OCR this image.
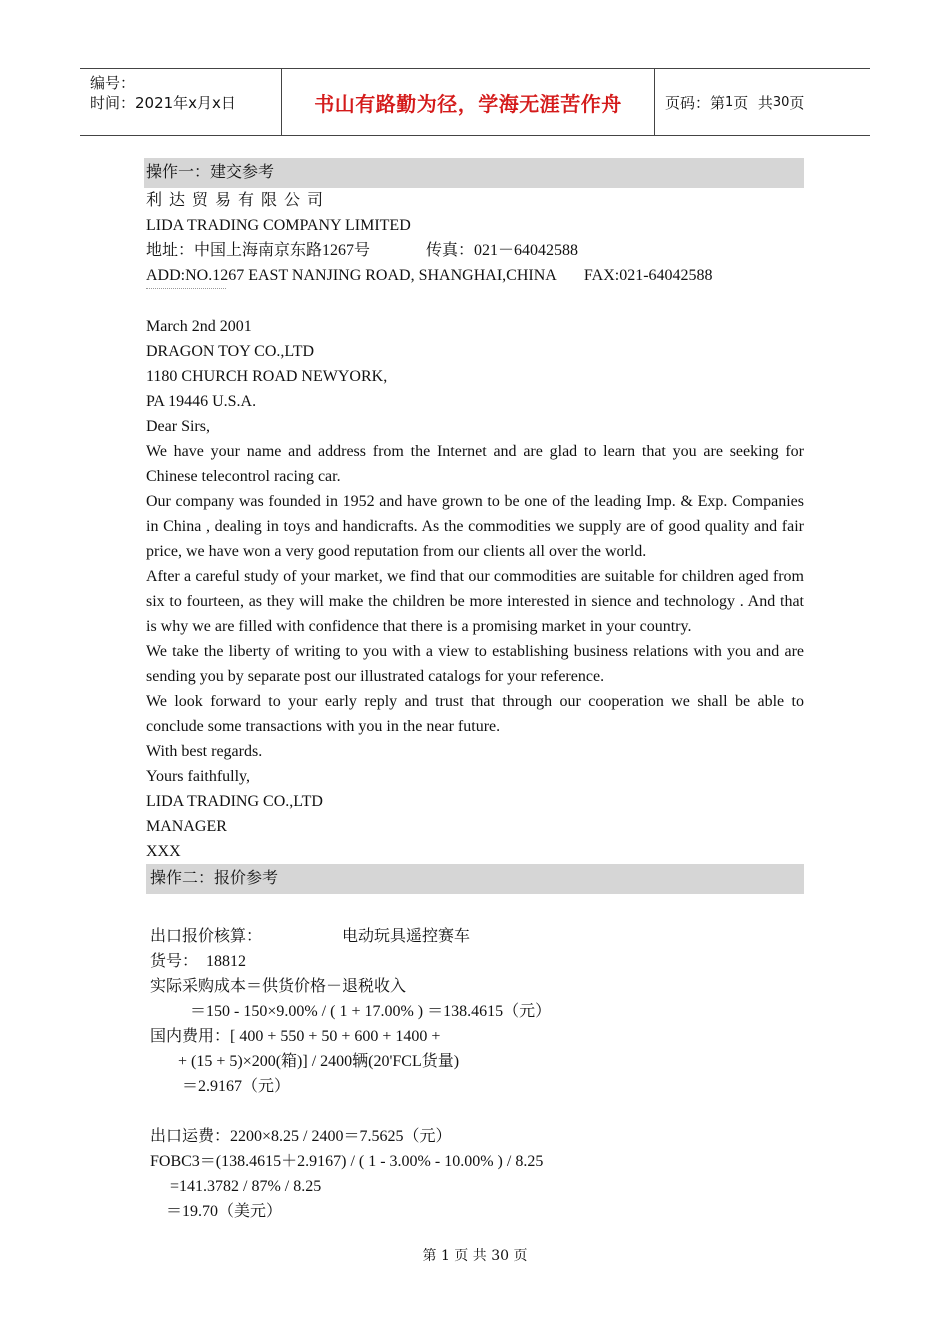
编号：
时间：2021年x月x日	书山有路勤为径，学海无涯苦作舟	页码：第 1 页  共 30 页
操作一：建交参考
利达贸易有限公司
LIDA TRADING COMPANY LIMITED
地址：中国上海南京东路1267号              传真：021－64042588
ADD:NO.1267 EAST NANJING ROAD, SHANGHAI,CHINA       FAX:021-64042588
March 2nd 2001
DRAGON TOY CO.,LTD
1180 CHURCH ROAD NEWYORK,
PA 19446 U.S.A.
Dear Sirs,
We have your name and address from the Internet and are glad to learn that you are seeking for Chinese telecontrol racing car.
Our company was founded in 1952 and have grown to be one of the leading Imp. & Exp. Companies in China , dealing in toys and handicrafts. As the commodities we supply are of good quality and fair price, we have won a very good reputation from our clients all over the world.
After a careful study of your market, we find that our commodities are suitable for children aged from six to fourteen, as they will make the children be more interested in sience and technology . And that is why we are filled with confidence that there is a promising market in your country.
We take the liberty of writing to you with a view to establishing business relations with you and are sending you by separate post our illustrated catalogs for your reference.
We look forward to your early reply and trust that through our cooperation we shall be able to conclude some transactions with you in the near future.
With best regards.
Yours faithfully,
LIDA TRADING CO.,LTD
MANAGER
XXX
操作二：报价参考
出口报价核算：                    电动玩具遥控赛车
货号：  18812
实际采购成本＝供货价格－退税收入
＝150 - 150×9.00% / ( 1 + 17.00% ) ＝138.4615（元）
国内费用：[ 400 + 550 + 50 + 600 + 1400 +
+ (15 + 5)×200(箱)] / 2400辆(20'FCL货量)
＝2.9167（元）
出口运费：2200×8.25 / 2400＝7.5625（元）
FOBC3＝(138.4615＋2.9167) / ( 1 - 3.00% - 10.00% ) / 8.25
=141.3782 / 87% / 8.25
＝19.70（美元）
第 1 页 共 30 页
